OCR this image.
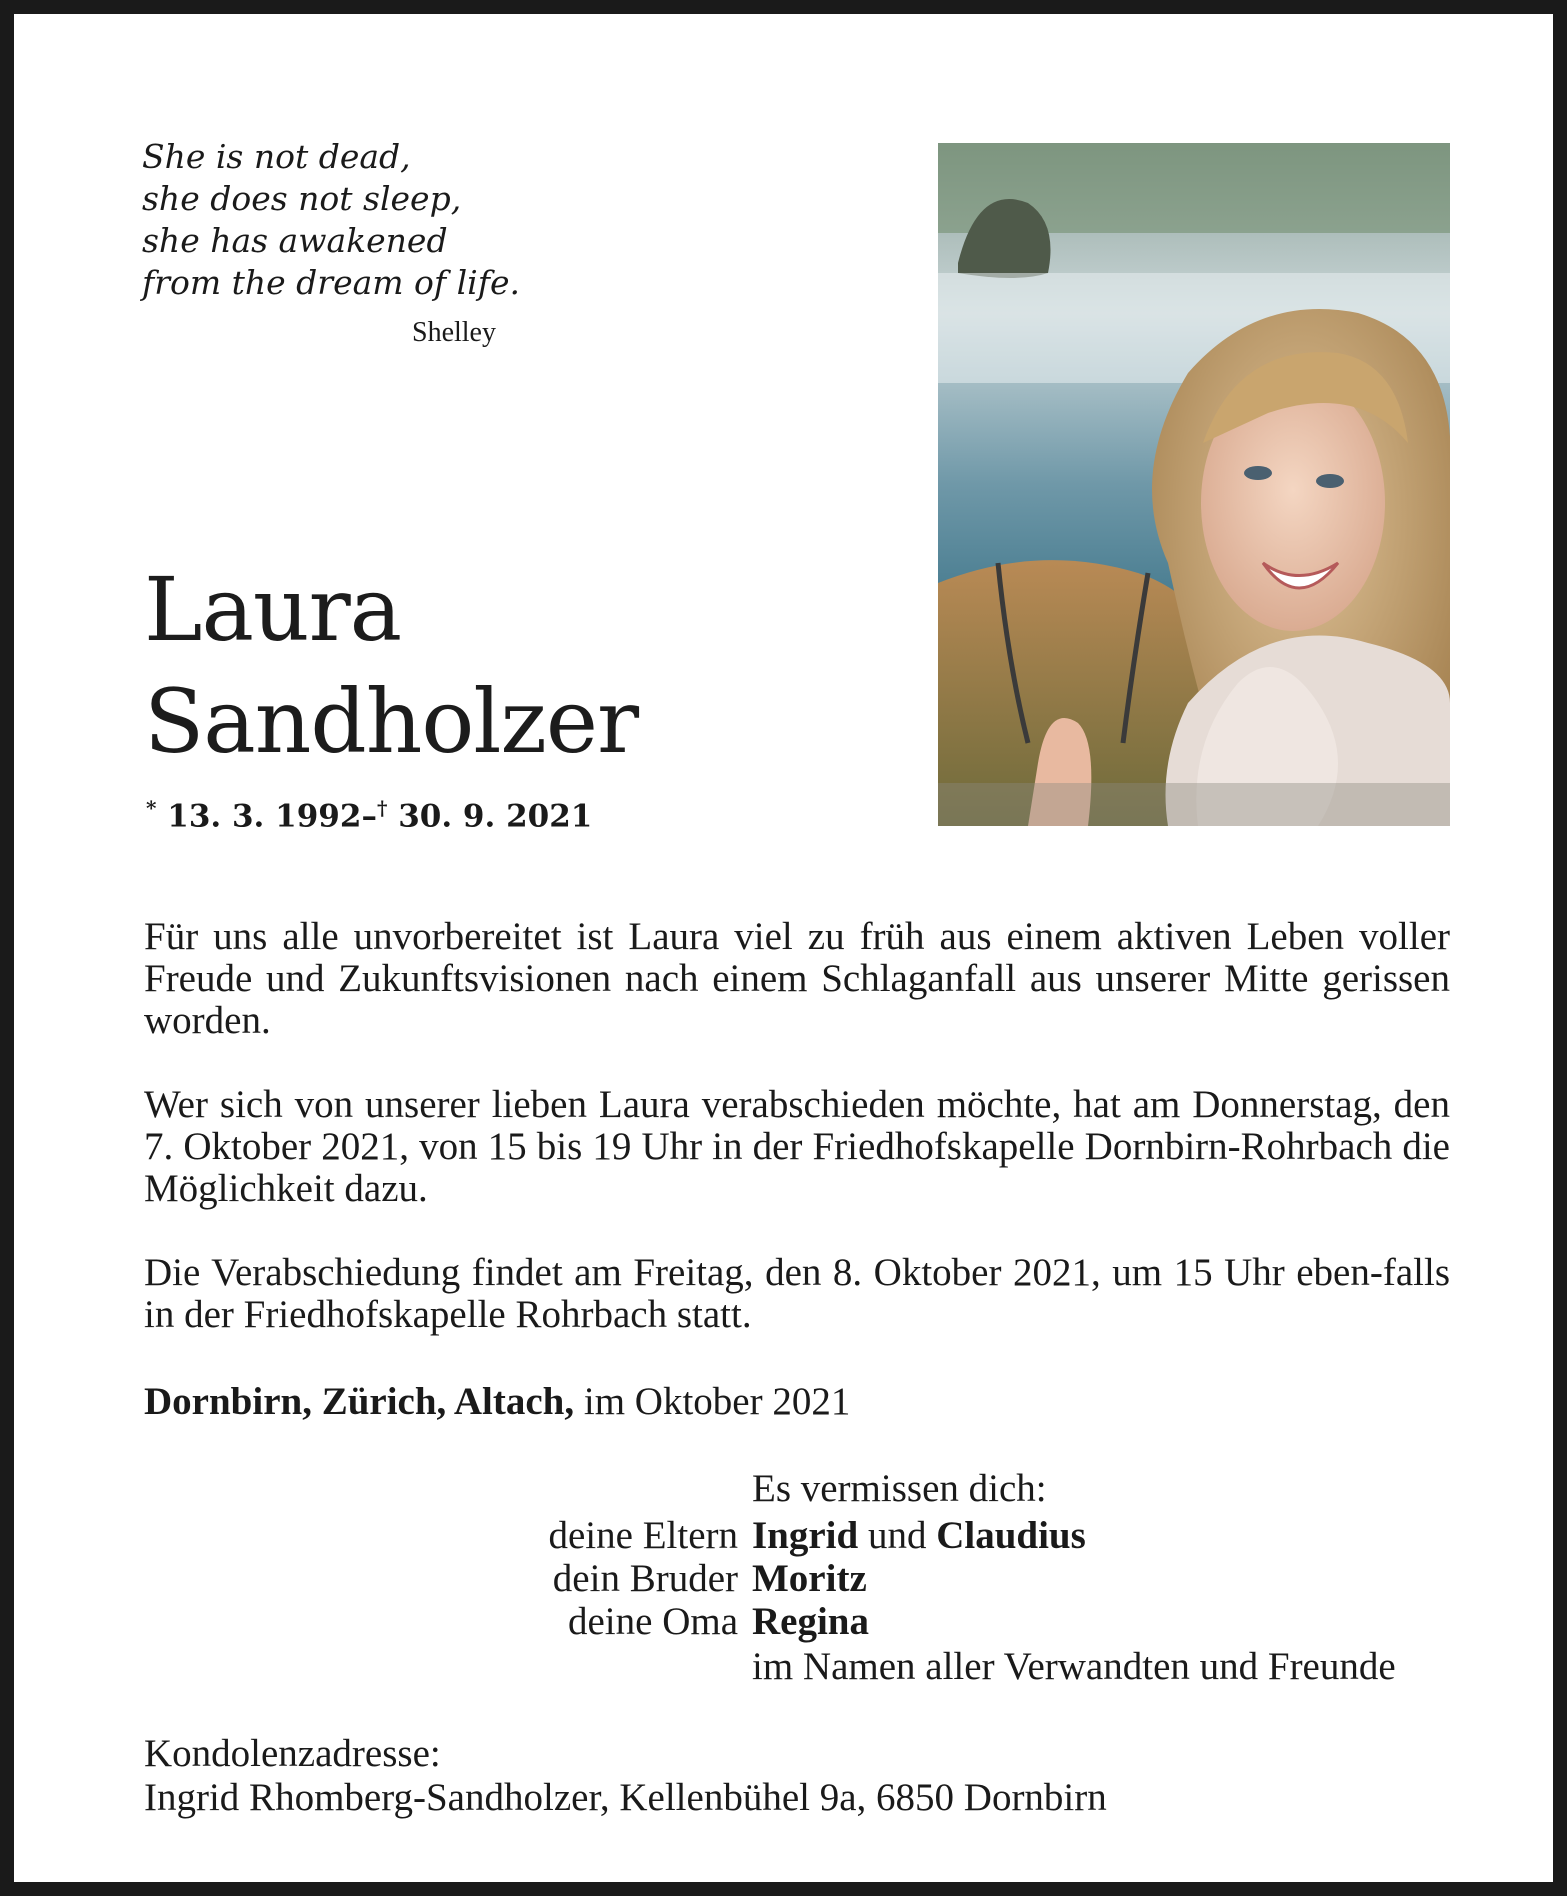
She is not dead,
she does not sleep,
she has awakened
from the dream of life.
Shelley
Laura
Sandholzer
* 13. 3. 1992–† 30. 9. 2021

Für uns alle unvorbereitet ist Laura viel zu früh aus einem aktiven Leben voller Freude und Zukunftsvisionen nach einem Schlaganfall aus unserer Mitte gerissen worden.

Wer sich von unserer lieben Laura verabschieden möchte, hat am Donnerstag, den 7. Oktober 2021, von 15 bis 19 Uhr in der Friedhofskapelle Dornbirn-Rohrbach die Möglichkeit dazu.

Die Verabschiedung findet am Freitag, den 8. Oktober 2021, um 15 Uhr eben-falls in der Friedhofskapelle Rohrbach statt.

Dornbirn, Zürich, Altach, im Oktober 2021
Es vermissen dich:
deine Eltern Ingrid und Claudius
dein Bruder Moritz
deine Oma Regina
im Namen aller Verwandten und Freunde
Kondolenzadresse:
Ingrid Rhomberg-Sandholzer, Kellenbühel 9a, 6850 Dornbirn
